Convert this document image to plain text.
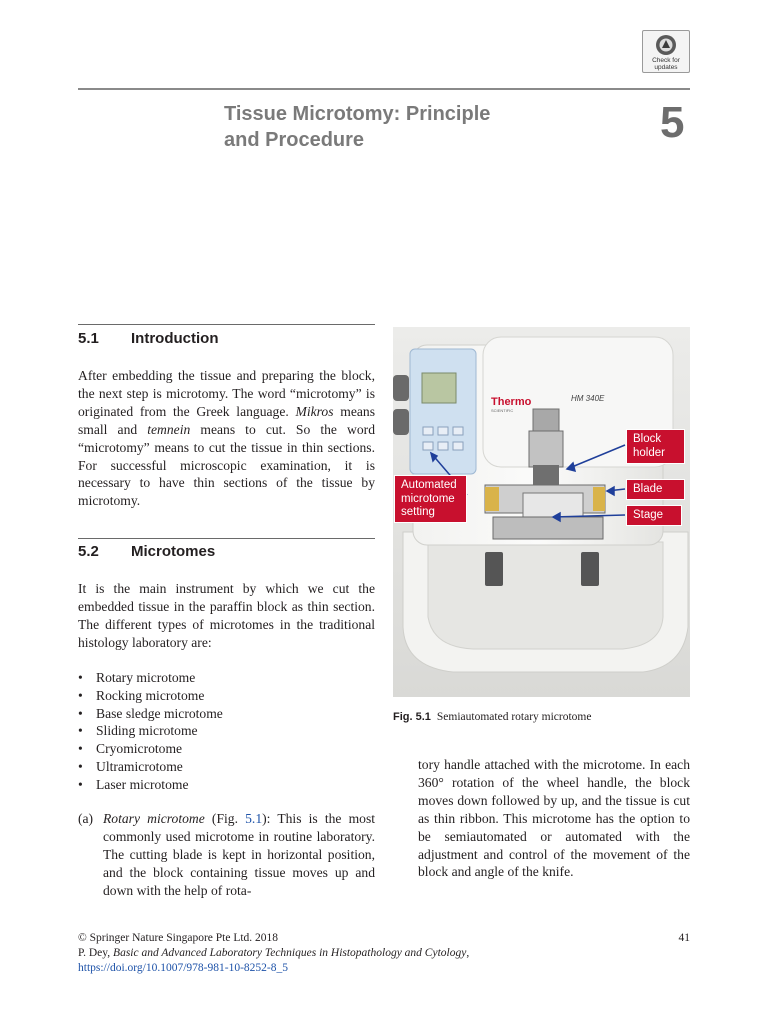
Check for
updates
Tissue Microtomy: Principle
and Procedure	5
5.1 Introduction
After embedding the tissue and preparing the block, the next step is microtomy. The word “microtomy” is originated from the Greek language. Mikros means small and temnein means to cut. So the word “microtomy” means to cut the tissue in thin sections. For successful microscopic examination, it is necessary to have thin sections of the tissue by microtomy.
5.2 Microtomes
It is the main instrument by which we cut the embedded tissue in the paraffin block as thin section. The different types of microtomes in the traditional histology laboratory are:
• Rotary microtome
• Rocking microtome
• Base sledge microtome
• Sliding microtome
• Cryomicrotome
• Ultramicrotome
• Laser microtome
(a) Rotary microtome (Fig. 5.1): This is the most commonly used microtome in routine laboratory. The cutting blade is kept in horizontal position, and the block containing tissue moves up and down with the help of rota-
tory handle attached with the microtome. In each 360° rotation of the wheel handle, the block moves down followed by up, and the tissue is cut as thin ribbon. This microtome has the option to be semiautomated or automated with the adjustment and control of the movement of the block and angle of the knife.
Thermo
SCIENTIFIC
HM 340E
Block
holder
Blade
Stage
Automated
microtome
setting
Fig. 5.1 Semiautomated rotary microtome
© Springer Nature Singapore Pte Ltd. 2018
P. Dey, Basic and Advanced Laboratory Techniques in Histopathology and Cytology,
https://doi.org/10.1007/978-981-10-8252-8_5
41
